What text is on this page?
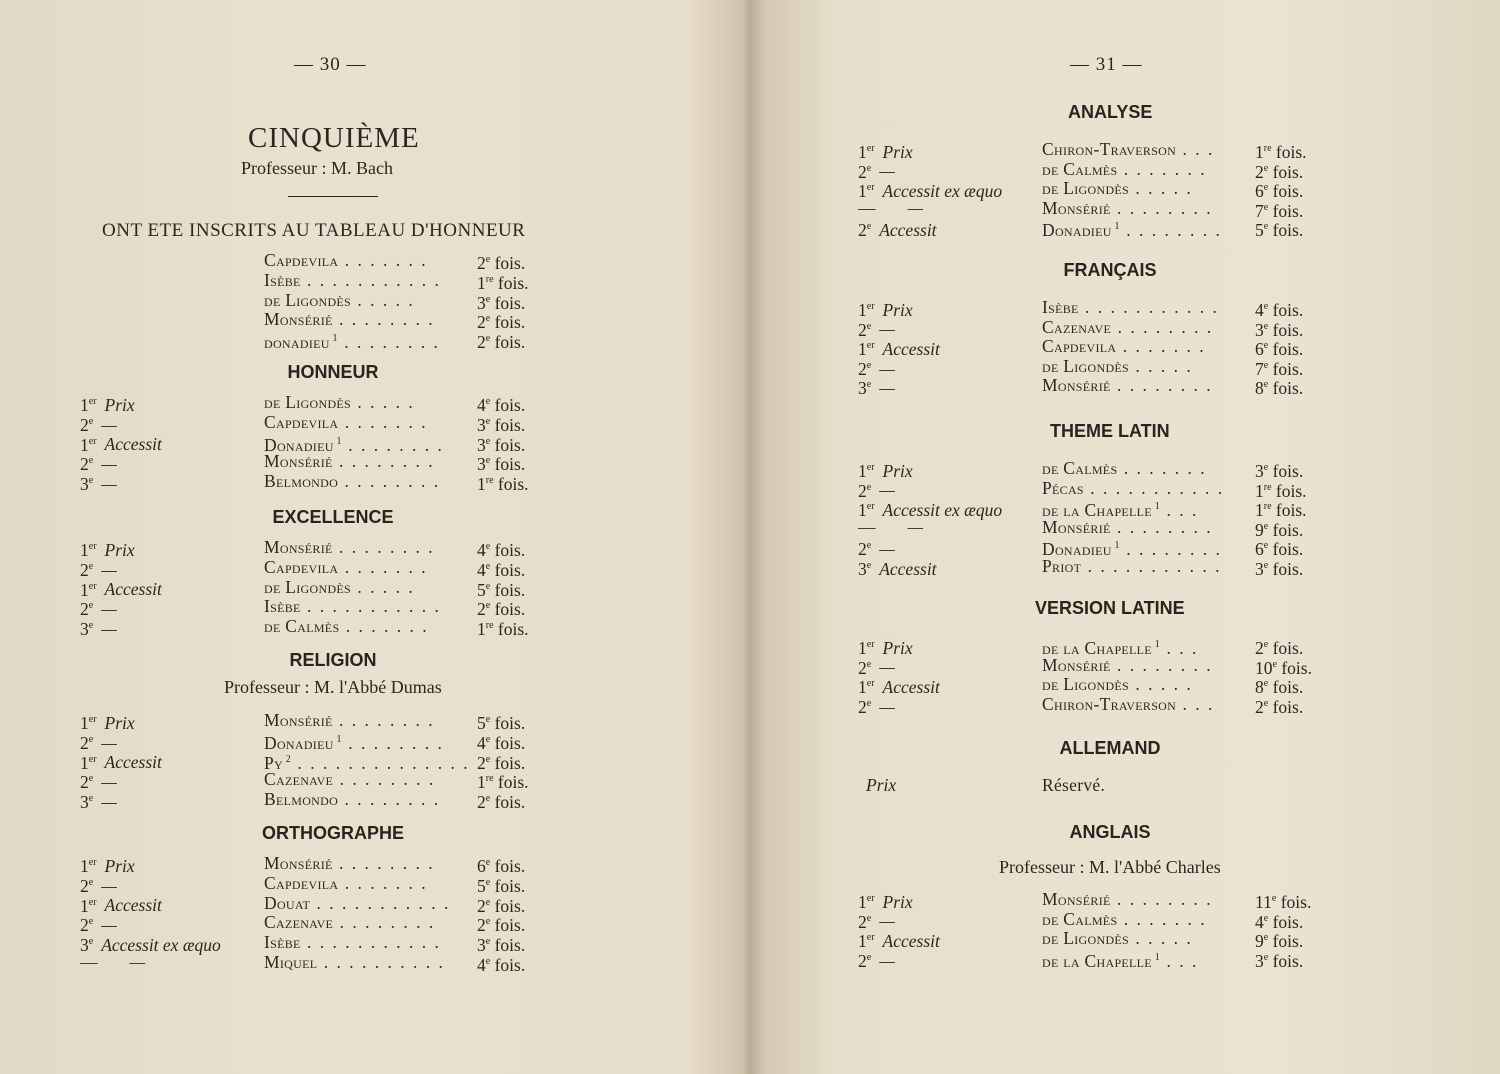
— 30 —
CINQUIÈME
Professeur : M. Bach
ONT ETE INSCRITS AU TABLEAU D'HONNEUR
Capdevila . . . . . . .	2e fois.
Isèbe . . . . . . . . . . . 1re fois.
de Ligondès . . . . .	3e fois.
Monsérié . . . . . . . . 2e fois.
donadieu $^1$ . . . . . . . . 2e fois.
HONNEUR
1er Prix	de Ligondès . . . . .	4e fois.
2e —	Capdevila . . . . . . .	3e fois.
1er Accessit	Donadieu $^1$ . . . . . . . . 3e fois.
2e —	Monsérié . . . . . . . . 3e fois.
3e —	Belmondo . . . . . . . . 1re fois.
EXCELLENCE
1er Prix	Monsérié . . . . . . . . 4e fois.
2e —	Capdevila . . . . . . .	4e fois.
1er Accessit	de Ligondès . . . . .	5e fois.
2e —	Isèbe . . . . . . . . . . . 2e fois.
3e —	de Calmès . . . . . . .	1re fois.
RELIGION
Professeur : M. l'Abbé Dumas
1er Prix	Monsérié . . . . . . . . 5e fois.
2e —	Donadieu $^1$ . . . . . . . . 4e fois.
1er Accessit	Py $^2$ . . . . . . . . . . . . . . 2e fois.
2e —	Cazenave . . . . . . . . 1re fois.
3e —	Belmondo . . . . . . . . 2e fois.
ORTHOGRAPHE
1er Prix	Monsérié . . . . . . . . 6e fois.
2e —	Capdevila . . . . . . .	5e fois.
1er Accessit	Douat . . . . . . . . . . . 2e fois.
2e —	Cazenave . . . . . . . . 2e fois.
3e Accessit ex æquo Isèbe . . . . . . . . . . . 3e fois.
— —	Miquel . . . . . . . . . . 4e fois.
— 31 —
ANALYSE
1er Prix	Chiron-Traverson . . . 1re fois.
2e —	de Calmès . . . . . . .	2e fois.
1er Accessit ex æquo de Ligondès . . . . .	6e fois.
— —	Monsérié . . . . . . . . 7e fois.
2e Accessit	Donadieu $^1$ . . . . . . . . 5e fois.
FRANÇAIS
1er Prix	Isèbe . . . . . . . . . . . 4e fois.
2e —	Cazenave . . . . . . . . 3e fois.
1er Accessit	Capdevila . . . . . . .	6e fois.
2e —	de Ligondès . . . . .	7e fois.
3e —	Monsérié . . . . . . . . 8e fois.
THEME LATIN
1er Prix	de Calmès . . . . . . .	3e fois.
2e —	Pécas . . . . . . . . . . . 1re fois.
1er Accessit ex æquo de la Chapelle $^1$ . . .	1re fois.
— —	Monsérié . . . . . . . . 9e fois.
2e —	Donadieu $^1$ . . . . . . . . 6e fois.
3e Accessit	Priot . . . . . . . . . . . 3e fois.
VERSION LATINE
1er Prix	de la Chapelle $^1$ . . .	2e fois.
2e —	Monsérié . . . . . . . . 10e fois.
1er Accessit	de Ligondès . . . . .	8e fois.
2e —	Chiron-Traverson . . . 2e fois.
ALLEMAND
Prix	Réservé.
ANGLAIS
Professeur : M. l'Abbé Charles
1er Prix	Monsérié . . . . . . . . 11e fois.
2e —	de Calmès . . . . . . .	4e fois.
1er Accessit	de Ligondès . . . . .	9e fois.
2e —	de la Chapelle $^1$ . . .	3e fois.
